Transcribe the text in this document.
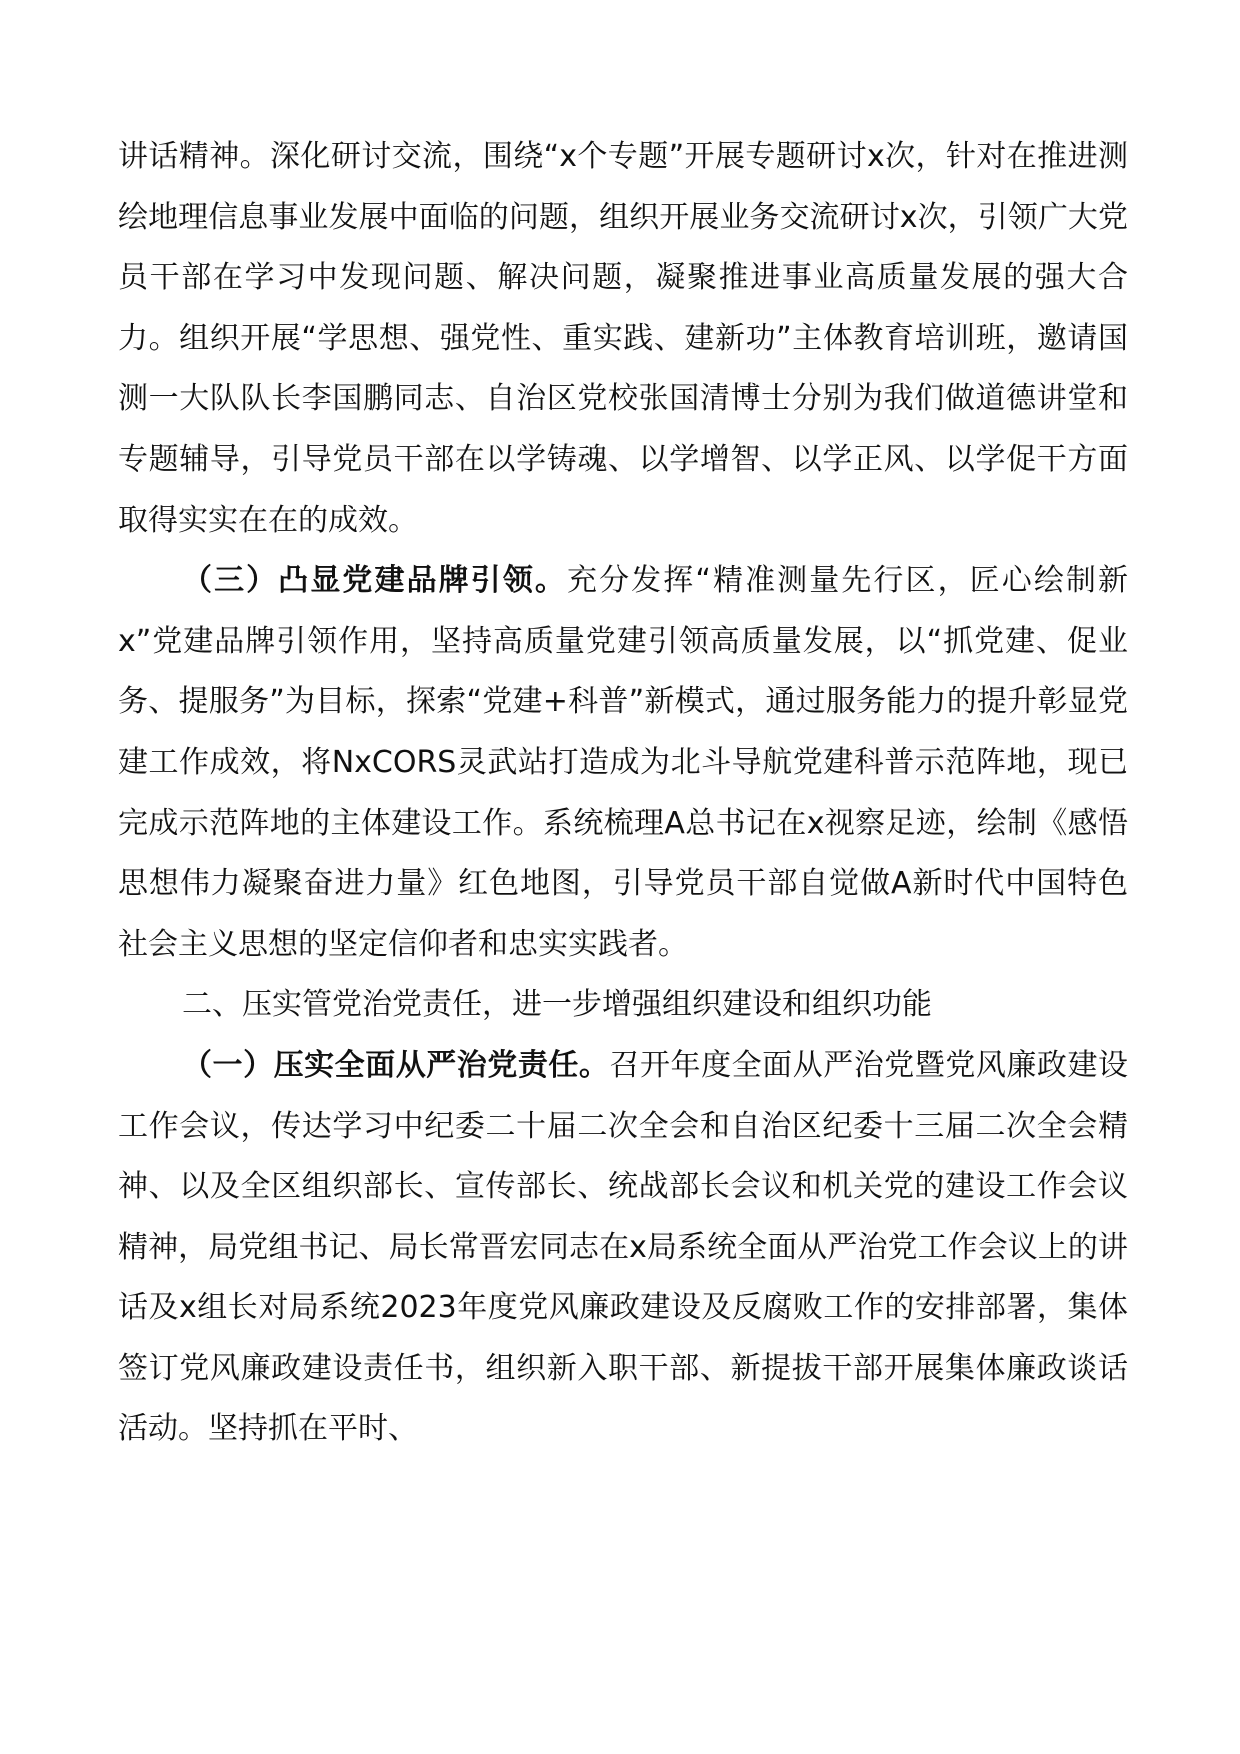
讲话精神。深化研讨交流，围绕“x个专题”开展专题研讨x次，针对在推进测绘地理信息事业发展中面临的问题，组织开展业务交流研讨x次，引领广大党员干部在学习中发现问题、解决问题，凝聚推进事业高质量发展的强大合力。组织开展“学思想、强党性、重实践、建新功”主体教育培训班，邀请国测一大队队长李国鹏同志、自治区党校张国清博士分别为我们做道德讲堂和专题辅导，引导党员干部在以学铸魂、以学增智、以学正风、以学促干方面取得实实在在的成效。

（三）凸显党建品牌引领。充分发挥“精准测量先行区，匠心绘制新x”党建品牌引领作用，坚持高质量党建引领高质量发展，以“抓党建、促业务、提服务”为目标，探索“党建+科普”新模式，通过服务能力的提升彰显党建工作成效，将NxCORS灵武站打造成为北斗导航党建科普示范阵地，现已完成示范阵地的主体建设工作。系统梳理A总书记在x视察足迹，绘制《感悟思想伟力凝聚奋进力量》红色地图，引导党员干部自觉做A新时代中国特色社会主义思想的坚定信仰者和忠实实践者。

二、压实管党治党责任，进一步增强组织建设和组织功能

（一）压实全面从严治党责任。召开年度全面从严治党暨党风廉政建设工作会议，传达学习中纪委二十届二次全会和自治区纪委十三届二次全会精神、以及全区组织部长、宣传部长、统战部长会议和机关党的建设工作会议精神，局党组书记、局长常晋宏同志在x局系统全面从严治党工作会议上的讲话及x组长对局系统2023年度党风廉政建设及反腐败工作的安排部署，集体签订党风廉政建设责任书，组织新入职干部、新提拔干部开展集体廉政谈话活动。坚持抓在平时、
